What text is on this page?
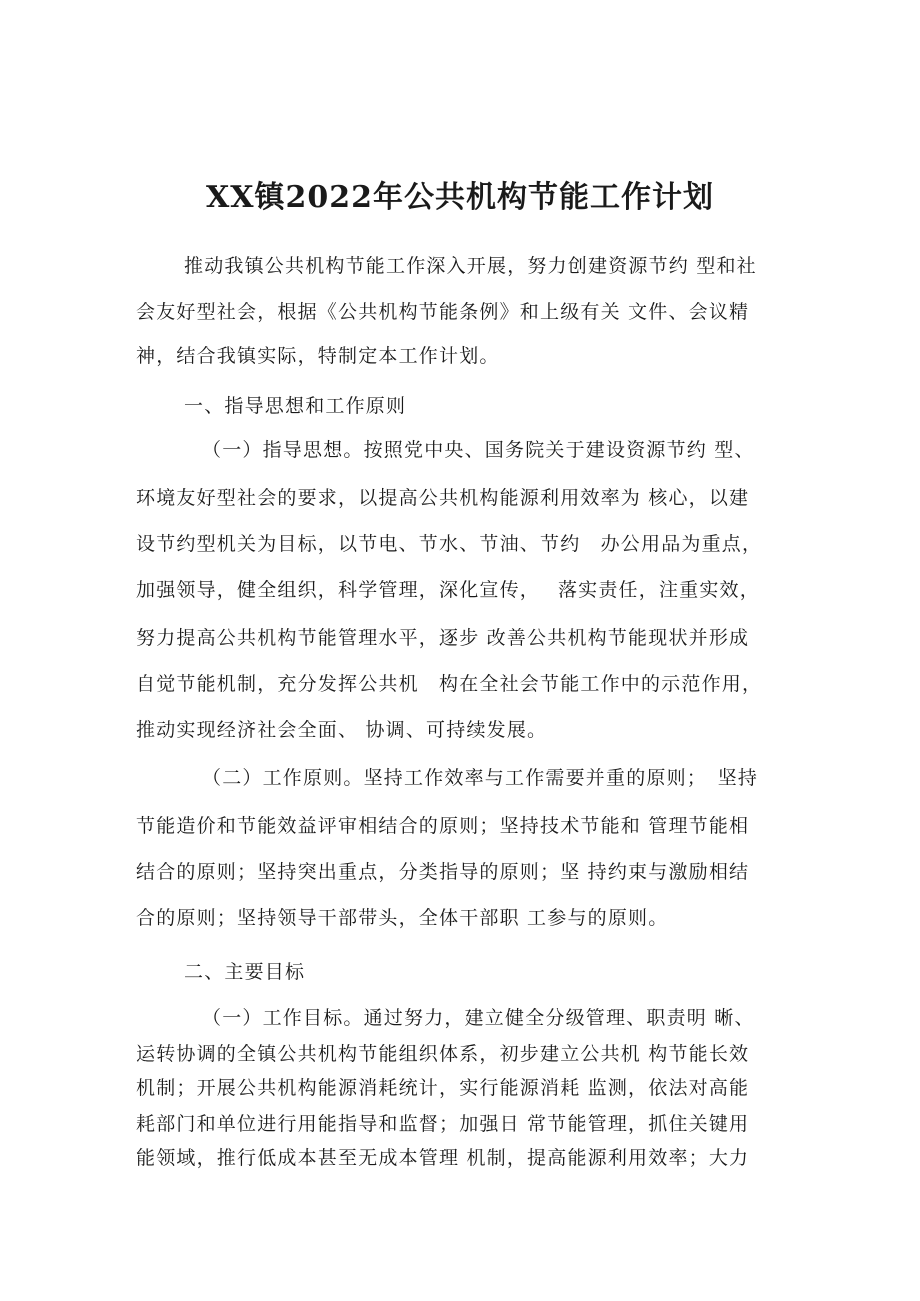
XX镇2022年公共机构节能工作计划
推动我镇公共机构节能工作深入开展，努力创建资源节约 型和社
会友好型社会，根据《公共机构节能条例》和上级有关 文件、会议精
神，结合我镇实际，特制定本工作计划。
一、指导思想和工作原则
（一）指导思想。按照党中央、国务院关于建设资源节约 型、
环境友好型社会的要求，以提高公共机构能源利用效率为 核心，以建
设节约型机关为目标，以节电、节水、节油、节约　办公用品为重点，
加强领导，健全组织，科学管理，深化宣传，　 落实责任，注重实效，
努力提高公共机构节能管理水平，逐步 改善公共机构节能现状并形成
自觉节能机制，充分发挥公共机　构在全社会节能工作中的示范作用，
推动实现经济社会全面、 协调、可持续发展。
（二）工作原则。坚持工作效率与工作需要并重的原则；　坚持
节能造价和节能效益评审相结合的原则；坚持技术节能和 管理节能相
结合的原则；坚持突出重点，分类指导的原则；坚 持约束与激励相结
合的原则；坚持领导干部带头，全体干部职 工参与的原则。
二、主要目标
（一）工作目标。通过努力，建立健全分级管理、职责明 晰、
运转协调的全镇公共机构节能组织体系，初步建立公共机 构节能长效
机制；开展公共机构能源消耗统计，实行能源消耗 监测，依法对高能
耗部门和单位进行用能指导和监督；加强日 常节能管理，抓住关键用
能领域，推行低成本甚至无成本管理 机制，提高能源利用效率；大力
